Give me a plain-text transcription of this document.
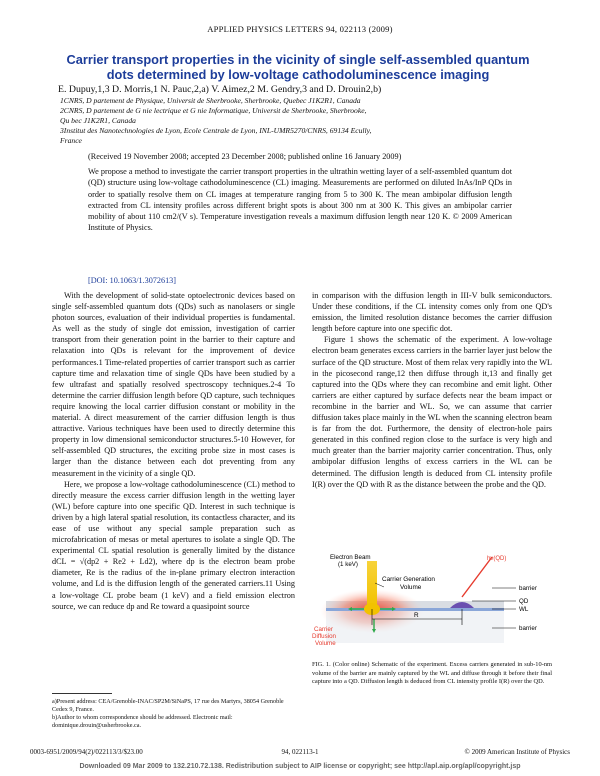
APPLIED PHYSICS LETTERS 94, 022113 (2009)
Carrier transport properties in the vicinity of single self-assembled quantum dots determined by low-voltage cathodoluminescence imaging
E. Dupuy,1,3 D. Morris,1 N. Pauc,2,a) V. Aimez,2 M. Gendry,3 and D. Drouin2,b)
1CNRS, D partement de Physique, Universit de Sherbrooke, Sherbrooke, Quebec J1K2R1, Canada
2CNRS, D partement de G nie lectrique et G nie Informatique, Universit de Sherbrooke, Sherbrooke,
Qu bec J1K2R1, Canada
3Institut des Nanotechnologies de Lyon, Ecole Centrale de Lyon, INL-UMR5270/CNRS, 69134 Ecully,
France
(Received 19 November 2008; accepted 23 December 2008; published online 16 January 2009)
We propose a method to investigate the carrier transport properties in the ultrathin wetting layer of a self-assembled quantum dot (QD) structure using low-voltage cathodoluminescence (CL) imaging. Measurements are performed on diluted InAs/InP QDs in order to spatially resolve them on CL images at temperature ranging from 5 to 300 K. The mean ambipolar diffusion length extracted from CL intensity profiles across different bright spots is about 300 nm at 300 K. This gives an ambipolar carrier mobility of about 110 cm2/(V s). Temperature investigation reveals a maximum diffusion length near 120 K. © 2009 American Institute of Physics.
[DOI: 10.1063/1.3072613]

With the development of solid-state optoelectronic devices based on single self-assembled quantum dots (QDs) such as nanolasers or single photon sources, evaluation of their individual properties is fundamental. As well as the study of single dot emission, investigation of carrier transport from their generation point in the barrier to their capture and relaxation into QDs is relevant for the improvement of device performances.1 Time-related properties of carrier transport such as carrier capture time and relaxation time of single QDs have been studied by a few ultrafast and spatially resolved spectroscopy techniques.2-4 To determine the carrier diffusion length before QD capture, such techniques require knowing the local carrier diffusion constant or mobility in the material. A direct measurement of the carrier diffusion length is thus attractive. Various techniques have been used to directly determine this property in low dimensional semiconductor structures.5-10 However, for self-assembled QD structures, the exciting probe size in most cases is larger than the distance between each dot preventing from any measurement in the vicinity of a single QD.

Here, we propose a low-voltage cathodoluminescence (CL) method to directly measure the excess carrier diffusion length in the wetting layer (WL) before capture into one specific QD. Interest in such technique is driven by a high lateral spatial resolution, its contactless character, and its ease of use without any special sample preparation such as microfabrication of mesas or metal apertures to isolate a single QD. The experimental CL spatial resolution is generally limited by the distance dCL = √(dp2 + Re2 + Ld2), where dp is the electron beam probe diameter, Re is the radius of the in-plane primary electron interaction volume, and Ld is the diffusion length of the generated carriers.11 Using a low-voltage CL probe beam (1 keV) and a field emission electron source, we can reduce dp and Re toward a quasipoint source

in comparison with the diffusion length in III-V bulk semiconductors. Under these conditions, if the CL intensity comes only from one QD's emission, the limited resolution distance becomes the carrier diffusion length before capture into one specific dot.

Figure 1 shows the schematic of the experiment. A low-voltage electron beam generates excess carriers in the barrier layer just below the surface of the QD structure. Most of them relax very rapidly into the WL in the picosecond range,12 then diffuse through it,13 and finally get captured into the QDs where they can recombine and emit light. Other carriers are either captured by surface defects near the beam impact or recombine in the barrier and WL. So, we can assume that carrier diffusion takes place mainly in the WL when the scanning electron beam is far from the dot. Furthermore, the density of electron-hole pairs generated in this confined region close to the surface is very high and much greater than the barrier majority carrier concentration. Thus, only ambipolar diffusion lengths of excess carriers in the WL can be determined. The diffusion length is deduced from CL intensity profile I(R) over the QD with R as the distance between the probe and the QD.

Electron Beam
(1 keV)
hν(QD)
Carrier Generation
Volume	barrier
QD
WL
barrier
R
Carrier
Diffusion
Volume
FIG. 1. (Color online) Schematic of the experiment. Excess carriers generated in sub-10-nm volume of the barrier are mainly captured by the WL and diffuse through it before their final capture into a QD. Diffusion length is deduced from CL intensity profile I(R) over the QD.
a)Present address: CEA/Grenoble-INAC/SP2M/SiNaPS, 17 rue des Martyrs, 38054 Grenoble Cedex 9, France.
b)Author to whom correspondence should be addressed. Electronic mail: dominique.drouin@usherbrooke.ca.
0003-6951/2009/94(2)/022113/3/$23.00	94, 022113-1	© 2009 American Institute of Physics
Downloaded 09 Mar 2009 to 132.210.72.138. Redistribution subject to AIP license or copyright; see http://apl.aip.org/apl/copyright.jsp
